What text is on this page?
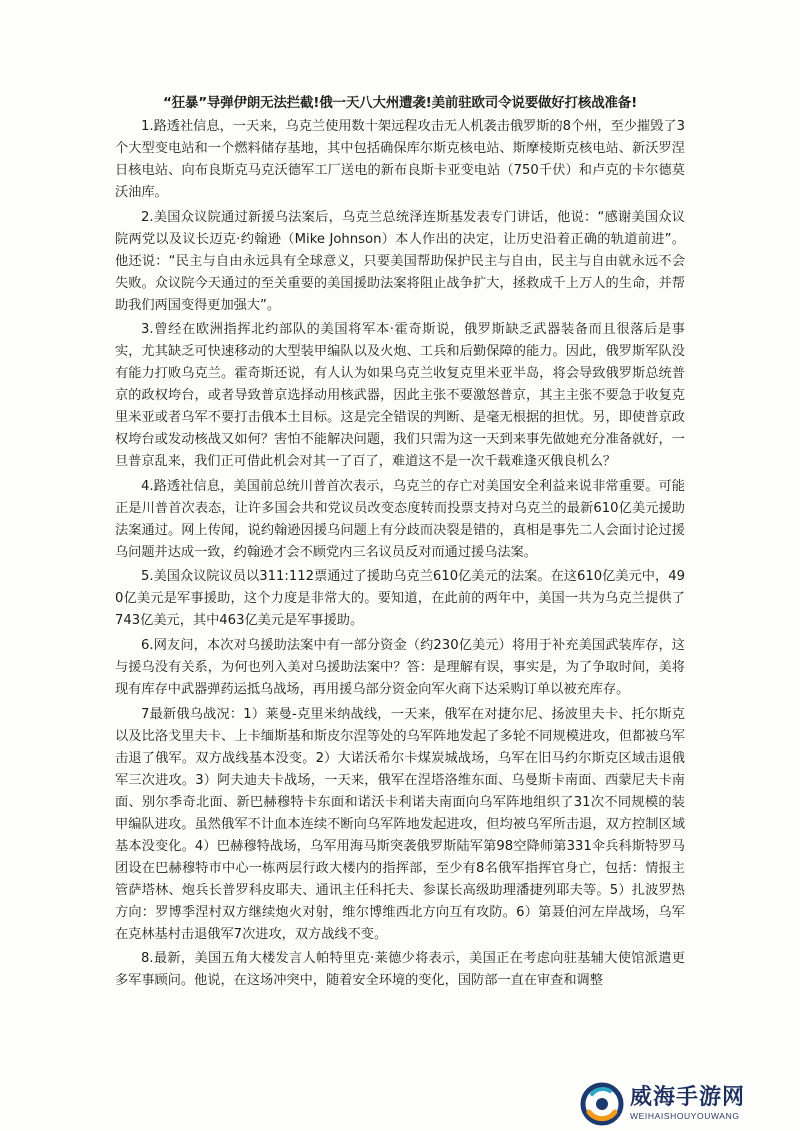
“狂暴”导弹伊朗无法拦截!俄一天八大州遭袭!美前驻欧司令说要做好打核战准备!

1.路透社信息，一天来，乌克兰使用数十架远程攻击无人机袭击俄罗斯的8个州，至少摧毁了3个大型变电站和一个燃料储存基地，其中包括确保库尔斯克核电站、斯摩棱斯克核电站、新沃罗涅日核电站、向布良斯克马克沃德军工厂送电的新布良斯卡亚变电站（750千伏）和卢克的卡尔德莫沃油库。

2.美国众议院通过新援乌法案后，乌克兰总统泽连斯基发表专门讲话，他说：“感谢美国众议院两党以及议长迈克·约翰逊（Mike Johnson）本人作出的决定，让历史沿着正确的轨道前进”。他还说：“民主与自由永远具有全球意义，只要美国帮助保护民主与自由，民主与自由就永远不会失败。众议院今天通过的至关重要的美国援助法案将阻止战争扩大，拯救成千上万人的生命，并帮助我们两国变得更加强大”。

3.曾经在欧洲指挥北约部队的美国将军本·霍奇斯说，俄罗斯缺乏武器装备而且很落后是事实，尤其缺乏可快速移动的大型装甲编队以及火炮、工兵和后勤保障的能力。因此，俄罗斯军队没有能力打败乌克兰。霍奇斯还说，有人认为如果乌克兰收复克里米亚半岛，将会导致俄罗斯总统普京的政权垮台，或者导致普京选择动用核武器，因此主张不要激怒普京，其主主张不要急于收复克里米亚或者乌军不要打击俄本土目标。这是完全错误的判断、是毫无根据的担忧。另，即使普京政权垮台或发动核战又如何？害怕不能解决问题，我们只需为这一天到来事先做她充分准备就好，一旦普京乱来，我们正可借此机会对其一了百了，难道这不是一次千载难逢灭俄良机么？

4.路透社信息，美国前总统川普首次表示，乌克兰的存亡对美国安全利益来说非常重要。可能正是川普首次表态，让许多国会共和党议员改变态度转而投票支持对乌克兰的最新610亿美元援助法案通过。网上传闻，说约翰逊因援乌问题上有分歧而决裂是错的，真相是事先二人会面讨论过援乌问题并达成一致，约翰逊才会不顾党内三名议员反对而通过援乌法案。

5.美国众议院议员以311:112票通过了援助乌克兰610亿美元的法案。在这610亿美元中，490亿美元是军事援助，这个力度是非常大的。要知道，在此前的两年中，美国一共为乌克兰提供了743亿美元，其中463亿美元是军事援助。

6.网友问，本次对乌援助法案中有一部分资金（约230亿美元）将用于补充美国武装库存，这与援乌没有关系，为何也列入美对乌援助法案中？答：是理解有误，事实是，为了争取时间，美将现有库存中武器弹药运抵乌战场，再用援乌部分资金向军火商下达采购订单以被充库存。

7最新俄乌战况：1）莱曼-克里米纳战线，一天来，俄军在对捷尔尼、扬波里夫卡、托尔斯克以及比洛戈里夫卡、上卡缅斯基和斯皮尔涅等处的乌军阵地发起了多轮不同规模进攻，但都被乌军击退了俄军。双方战线基本没变。2）大诺沃希尔卡煤炭城战场，乌军在旧马约尔斯克区域击退俄军三次进攻。3）阿夫迪夫卡战场，一天来，俄军在涅塔洛维东面、乌曼斯卡南面、西蒙尼夫卡南面、别尔季奇北面、新巴赫穆特卡东面和诺沃卡利诺夫南面向乌军阵地组织了31次不同规模的装甲编队进攻。虽然俄军不计血本连续不断向乌军阵地发起进攻，但均被乌军所击退，双方控制区域基本没变化。4）巴赫穆特战场，乌军用海马斯突袭俄罗斯陆军第98空降师第331伞兵科斯特罗马团设在巴赫穆特市中心一栋两层行政大楼内的指挥部，至少有8名俄军指挥官身亡，包括：情报主管萨塔林、炮兵长普罗科皮耶夫、通讯主任科托夫、参谋长高级助理潘捷列耶夫等。5）扎波罗热方向：罗博季涅村双方继续炮火对射，维尔博维西北方向互有攻防。6）第聂伯河左岸战场，乌军在克林基村击退俄军7次进攻，双方战线不变。

8.最新，美国五角大楼发言人帕特里克·莱德少将表示，美国正在考虑向驻基辅大使馆派遣更多军事顾问。他说，在这场冲突中，随着安全环境的变化，国防部一直在审查和调整

威海手游网
WEIHAISHOUYOUWANG
